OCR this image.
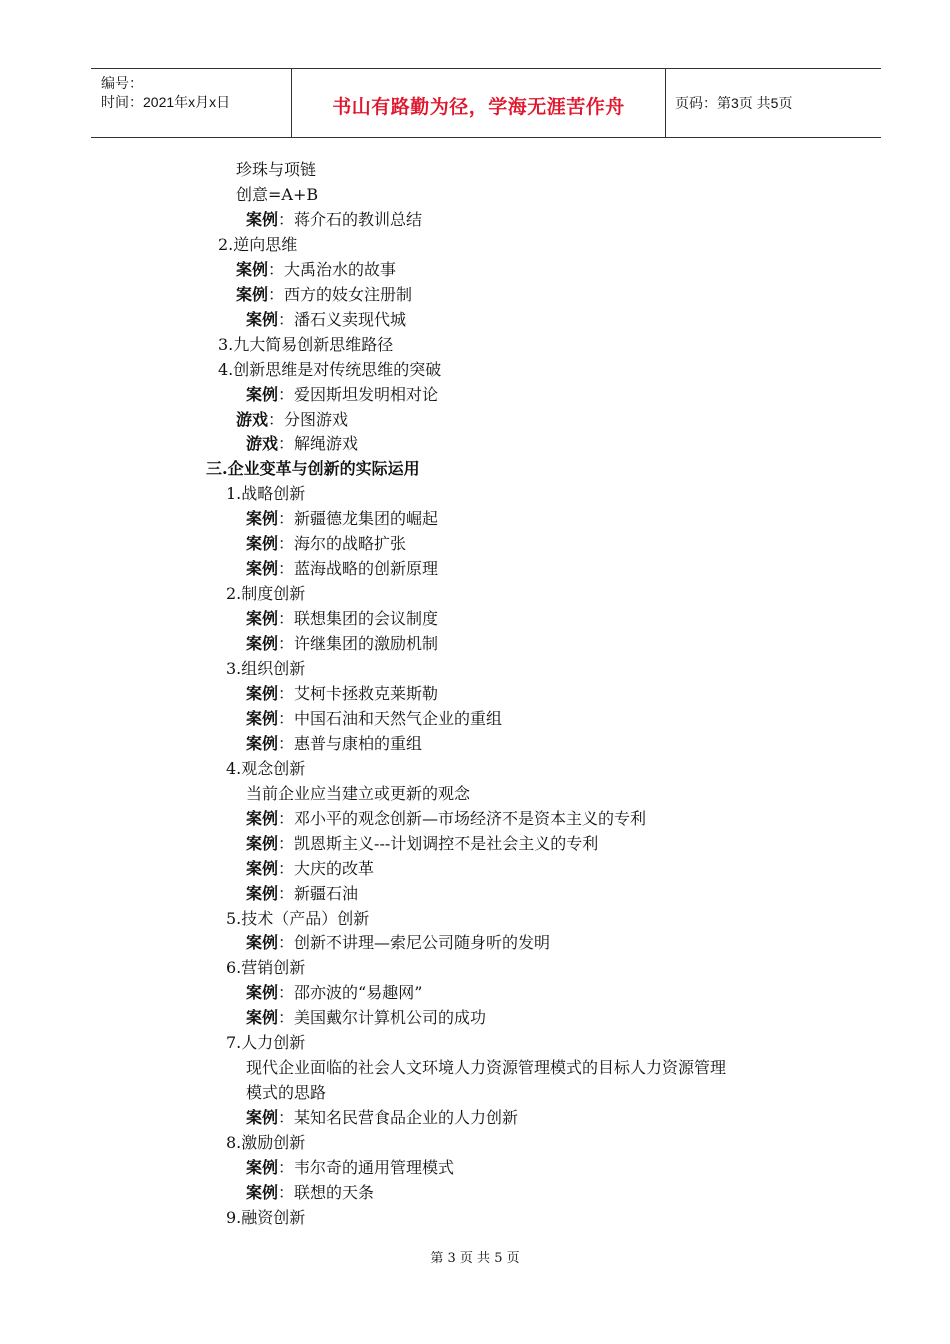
编号：
时间：2021年x月x日	书山有路勤为径，学海无涯苦作舟	页码：第3页 共5页
珍珠与项链
创意=A+B
案例：蒋介石的教训总结
2.逆向思维
案例：大禹治水的故事
案例：西方的妓女注册制
案例：潘石义卖现代城
3.九大简易创新思维路径
4.创新思维是对传统思维的突破
案例：爱因斯坦发明相对论
游戏：分图游戏
游戏：解绳游戏
三.企业变革与创新的实际运用
1.战略创新
案例：新疆德龙集团的崛起
案例：海尔的战略扩张
案例：蓝海战略的创新原理
2.制度创新
案例：联想集团的会议制度
案例：许继集团的激励机制
3.组织创新
案例：艾柯卡拯救克莱斯勒
案例：中国石油和天然气企业的重组
案例：惠普与康柏的重组
4.观念创新
当前企业应当建立或更新的观念
案例：邓小平的观念创新—市场经济不是资本主义的专利
案例：凯恩斯主义---计划调控不是社会主义的专利
案例：大庆的改革
案例：新疆石油
5.技术（产品）创新
案例：创新不讲理—索尼公司随身听的发明
6.营销创新
案例：邵亦波的“易趣网”
案例：美国戴尔计算机公司的成功
7.人力创新
现代企业面临的社会人文环境人力资源管理模式的目标人力资源管理
模式的思路
案例：某知名民营食品企业的人力创新
8.激励创新
案例：韦尔奇的通用管理模式
案例：联想的天条
9.融资创新
第 3 页 共 5 页
